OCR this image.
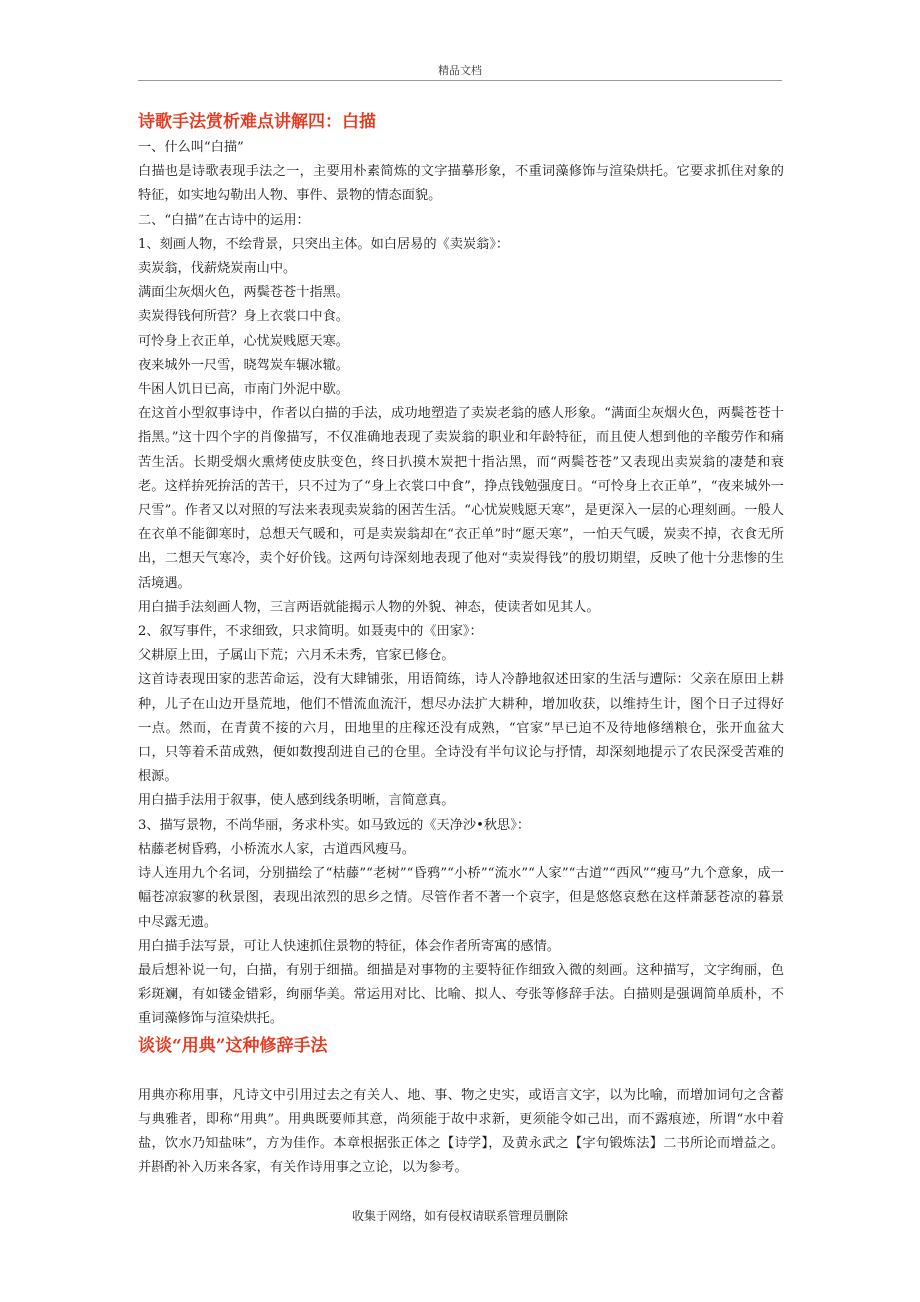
精品文档
诗歌手法赏析难点讲解四：白描

一、什么叫“白描”

白描也是诗歌表现手法之一，主要用朴素简炼的文字描摹形象，不重词藻修饰与渲染烘托。它要求抓住对象的特征，如实地勾勒出人物、事件、景物的情态面貌。

二、“白描”在古诗中的运用：

1、刻画人物，不绘背景，只突出主体。如白居易的《卖炭翁》：

卖炭翁，伐薪烧炭南山中。

满面尘灰烟火色，两鬓苍苍十指黑。

卖炭得钱何所营？身上衣裳口中食。

可怜身上衣正单，心忧炭贱愿天寒。

夜来城外一尺雪，晓驾炭车辗冰辙。

牛困人饥日已高，市南门外泥中歇。

在这首小型叙事诗中，作者以白描的手法，成功地塑造了卖炭老翁的感人形象。“满面尘灰烟火色，两鬓苍苍十指黑。”这十四个字的肖像描写，不仅准确地表现了卖炭翁的职业和年龄特征，而且使人想到他的辛酸劳作和痛苦生活。长期受烟火熏烤使皮肤变色，终日扒摸木炭把十指沾黑，而“两鬓苍苍”又表现出卖炭翁的凄楚和衰老。这样拚死拚活的苦干，只不过为了“身上衣裳口中食”，挣点钱勉强度日。“可怜身上衣正单”，“夜来城外一尺雪”。作者又以对照的写法来表现卖炭翁的困苦生活。“心忧炭贱愿天寒”，是更深入一层的心理刻画。一般人在衣单不能御寒时，总想天气暖和，可是卖炭翁却在“衣正单”时“愿天寒”，一怕天气暖，炭卖不掉，衣食无所出，二想天气寒冷，卖个好价钱。这两句诗深刻地表现了他对“卖炭得钱”的殷切期望，反映了他十分悲惨的生活境遇。

用白描手法刻画人物，三言两语就能揭示人物的外貌、神态，使读者如见其人。

2、叙写事件，不求细致，只求简明。如聂夷中的《田家》：

父耕原上田，子属山下荒；六月禾未秀，官家已修仓。

这首诗表现田家的悲苦命运，没有大肆铺张，用语简练，诗人冷静地叙述田家的生活与遭际：父亲在原田上耕种，儿子在山边开垦荒地，他们不惜流血流汗，想尽办法扩大耕种，增加收获，以维持生计，图个日子过得好一点。然而，在青黄不接的六月，田地里的庄稼还没有成熟，“官家”早已迫不及待地修缮粮仓，张开血盆大口，只等着禾苗成熟，便如数搜刮进自己的仓里。全诗没有半句议论与抒情，却深刻地提示了农民深受苦难的根源。

用白描手法用于叙事，使人感到线条明晰，言简意真。

3、描写景物，不尚华丽，务求朴实。如马致远的《天净沙•秋思》：

枯藤老树昏鸦，小桥流水人家，古道西风瘦马。

诗人连用九个名词，分别描绘了“枯藤”“老树”“昏鸦”“小桥”“流水”“人家”“古道”“西风”“瘦马”九个意象，成一幅苍凉寂寥的秋景图，表现出浓烈的思乡之情。尽管作者不著一个哀字，但是悠悠哀愁在这样萧瑟苍凉的暮景中尽露无遗。

用白描手法写景，可让人快速抓住景物的特征，体会作者所寄寓的感情。

最后想补说一句，白描，有别于细描。细描是对事物的主要特征作细致入微的刻画。这种描写，文字绚丽，色彩斑斓，有如镂金错彩，绚丽华美。常运用对比、比喻、拟人、夸张等修辞手法。白描则是强调简单质朴，不重词藻修饰与渲染烘托。

谈谈“用典”这种修辞手法

用典亦称用事，凡诗文中引用过去之有关人、地、事、物之史实，或语言文字，以为比喻，而增加词句之含蓄与典雅者，即称“用典”。用典既要师其意，尚须能于故中求新，更须能令如己出，而不露痕迹，所谓“水中着盐，饮水乃知盐味”，方为佳作。本章根据张正体之【诗学】，及黄永武之【字句锻炼法】二书所论而增益之。并斟酌补入历来各家，有关作诗用事之立论，以为参考。

收集于网络，如有侵权请联系管理员删除
